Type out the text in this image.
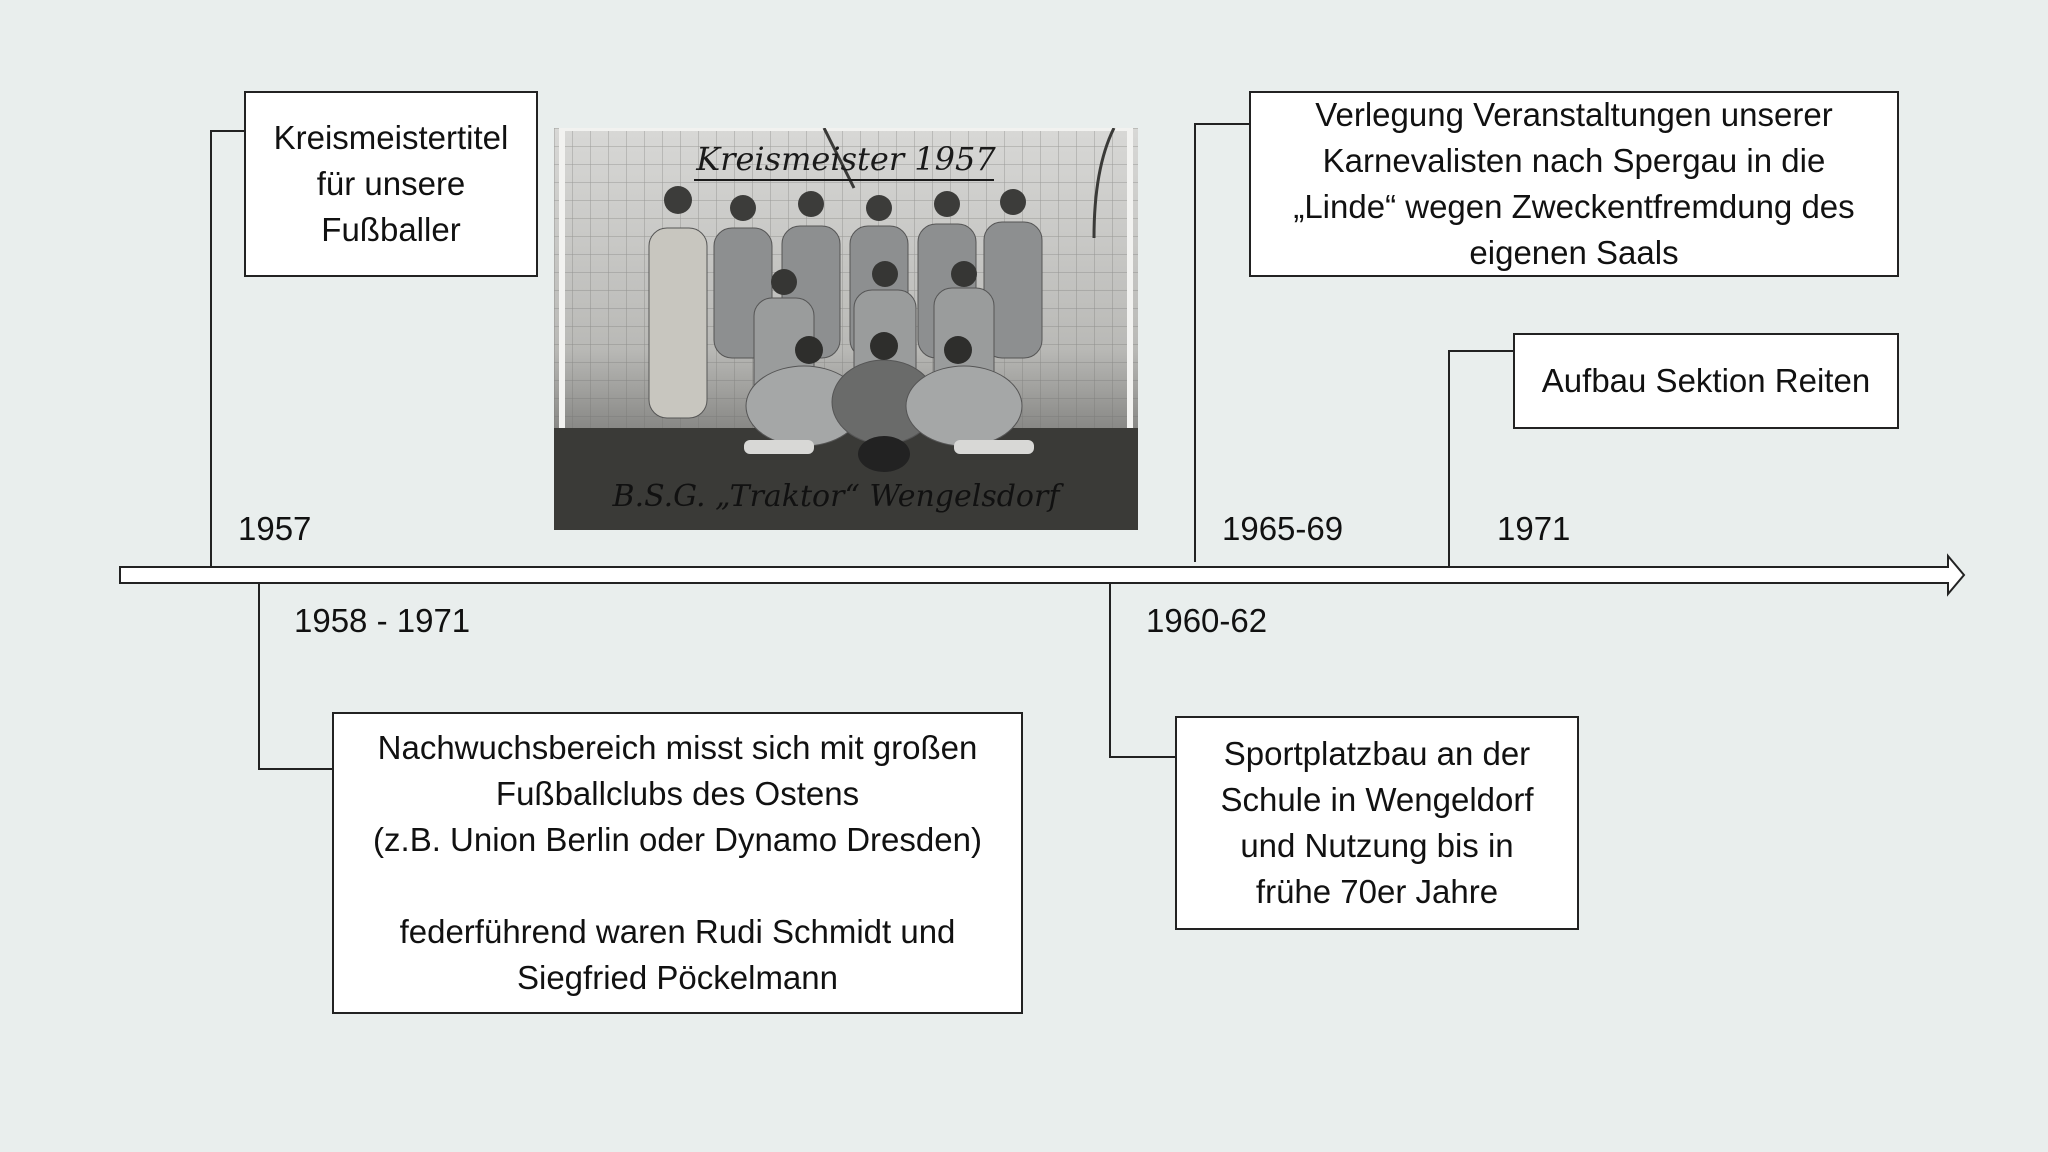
Kreismeistertitel

für unsere

Fußballer

Verlegung Veranstaltungen unserer

Karnevalisten nach Spergau in die

„Linde“ wegen Zweckentfremdung des

eigenen Saals

Aufbau Sektion Reiten

Nachwuchsbereich misst sich mit großen

Fußballclubs des Ostens

(z.B. Union Berlin oder Dynamo Dresden)

federführend waren Rudi Schmidt und

Siegfried Pöckelmann

Sportplatzbau an der

Schule in Wengeldorf

und Nutzung bis in

frühe 70er Jahre

1957	1965-69	1971
1958 - 1971	1960-62
Kreismeister 1957
B.S.G. „Traktor“ Wengelsdorf
